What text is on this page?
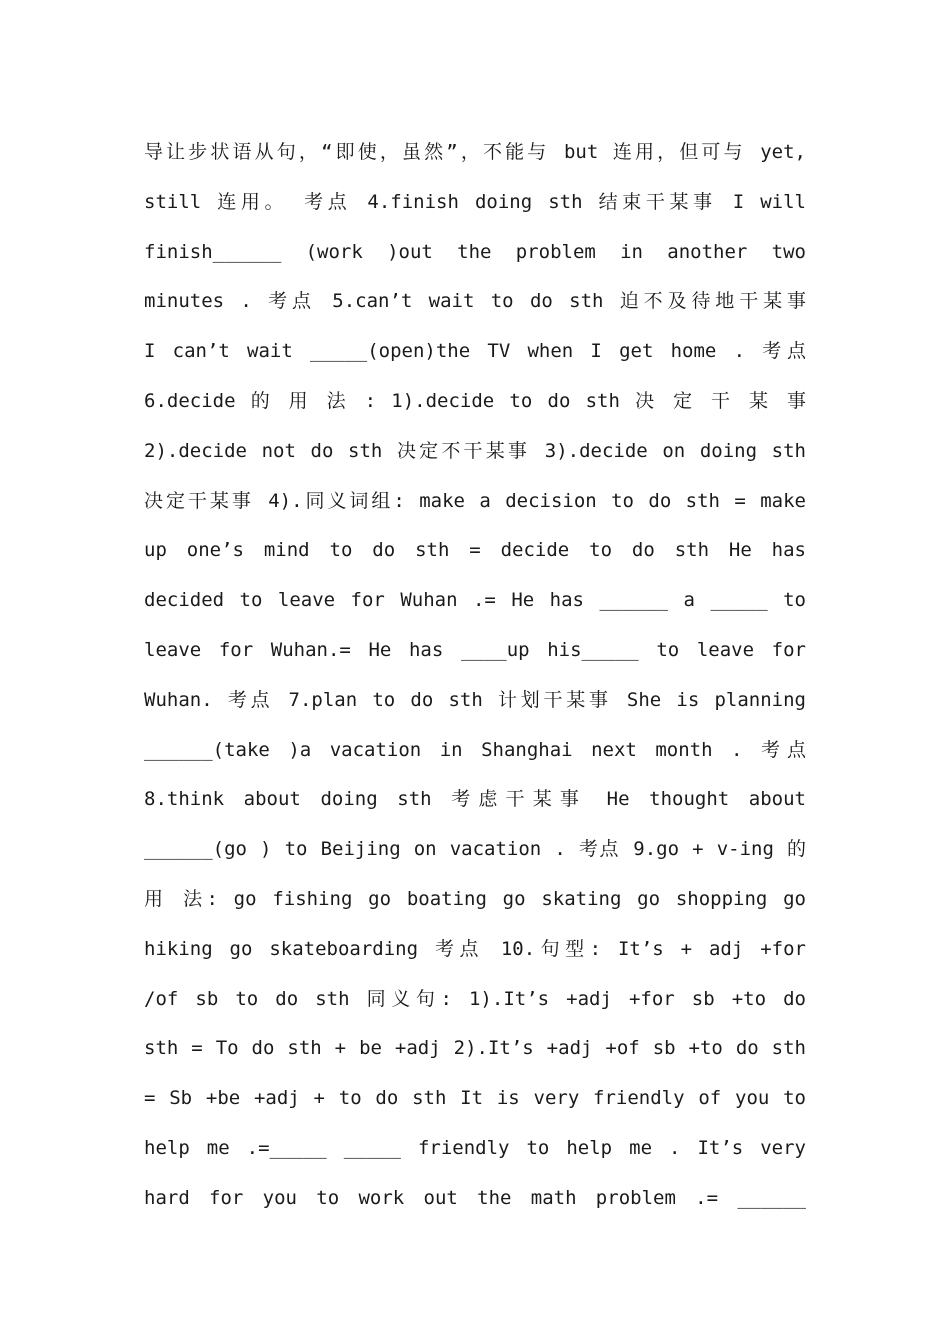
导让步状语从句，“即使，虽然”，不能与 but 连用，但可与 yet,
still 连用。 考点 4.finish doing sth 结束干某事 I will
finish______ (work )out the problem in another two
minutes . 考点 5.can’t wait to do sth 迫不及待地干某事
I can’t wait _____(open)the TV when I get home . 考点
6.decide 的 用 法 : 1).decide to do sth 决 定 干 某 事
2).decide not do sth 决定不干某事 3).decide on doing sth
决定干某事 4).同义词组: make a decision to do sth = make
up one’s mind to do sth = decide to do sth He has
decided to leave for Wuhan .= He has ______ a _____ to
leave for Wuhan.= He has ____up his_____ to leave for
Wuhan. 考点 7.plan to do sth 计划干某事 She is planning
______(take )a vacation in Shanghai next month . 考点
8.think about doing sth 考虑干某事 He thought about
______(go ) to Beijing on vacation . 考点 9.go + v-ing 的
用 法: go fishing go boating go skating go shopping go
hiking go skateboarding 考点 10.句型: It’s + adj +for
/of sb to do sth 同义句: 1).It’s +adj +for sb +to do
sth = To do sth + be +adj 2).It’s +adj +of sb +to do sth
= Sb +be +adj + to do sth It is very friendly of you to
help me .=_____ _____ friendly to help me . It’s very
hard for you to work out the math problem .= ______
